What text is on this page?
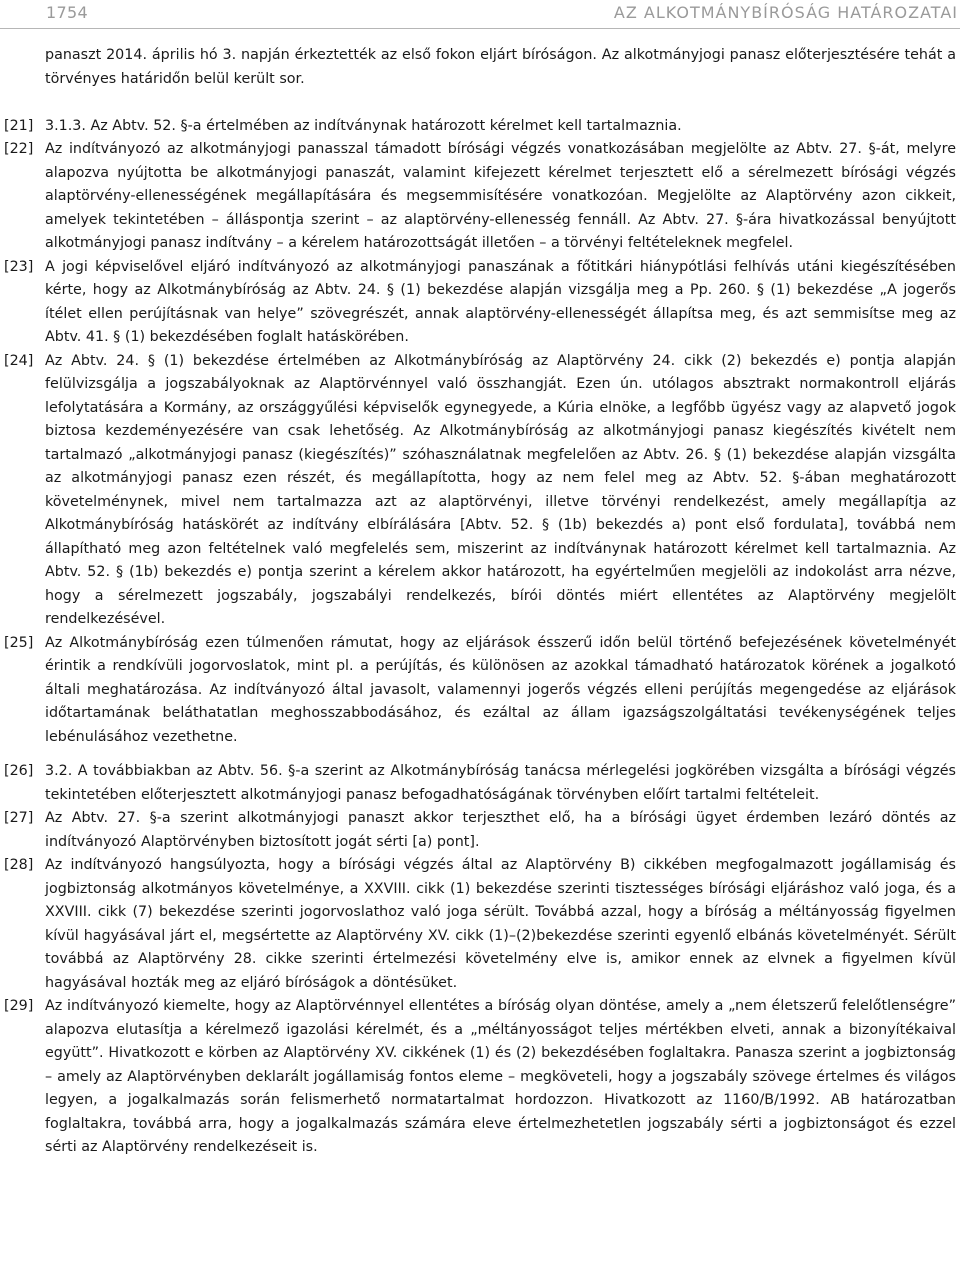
1754	AZ ALKOTMÁNYBÍRÓSÁG HATÁROZATAI

panaszt 2014. április hó 3. napján érkeztették az első fokon eljárt bíróságon. Az alkotmányjogi panasz előterjesztésére tehát a törvényes határidőn belül került sor.

[21] 3.1.3. Az Abtv. 52. §-a értelmében az indítványnak határozott kérelmet kell tartalmaznia.

[22] Az indítványozó az alkotmányjogi panasszal támadott bírósági végzés vonatkozásában megjelölte az Abtv. 27. §-át, melyre alapozva nyújtotta be alkotmányjogi panaszát, valamint kifejezett kérelmet terjesztett elő a sérelmezett bírósági végzés alaptörvény-ellenességének megállapítására és megsemmisítésére vonatkozóan. Megjelölte az Alaptörvény azon cikkeit, amelyek tekintetében – álláspontja szerint – az alaptörvény-ellenesség fennáll. Az Abtv. 27. §-ára hivatkozással benyújtott alkotmányjogi panasz indítvány – a kérelem határozottságát illetően – a törvényi feltételeknek megfelel.

[23] A jogi képviselővel eljáró indítványozó az alkotmányjogi panaszának a főtitkári hiánypótlási felhívás utáni kiegészítésében kérte, hogy az Alkotmánybíróság az Abtv. 24. § (1) bekezdése alapján vizsgálja meg a Pp. 260. § (1) bekezdése „A jogerős ítélet ellen perújításnak van helye” szövegrészét, annak alaptörvény-ellenességét állapítsa meg, és azt semmisítse meg az Abtv. 41. § (1) bekezdésében foglalt hatáskörében.

[24] Az Abtv. 24. § (1) bekezdése értelmében az Alkotmánybíróság az Alaptörvény 24. cikk (2) bekezdés e) pontja alapján felülvizsgálja a jogszabályoknak az Alaptörvénnyel való összhangját. Ezen ún. utólagos absztrakt normakontroll eljárás lefolytatására a Kormány, az országgyűlési képviselők egynegyede, a Kúria elnöke, a legfőbb ügyész vagy az alapvető jogok biztosa kezdeményezésére van csak lehetőség. Az Alkotmánybíróság az alkotmányjogi panasz kiegészítés kivételt nem tartalmazó „alkotmányjogi panasz (kiegészítés)” szóhasználatnak megfelelően az Abtv. 26. § (1) bekezdése alapján vizsgálta az alkotmányjogi panasz ezen részét, és megállapította, hogy az nem felel meg az Abtv. 52. §-ában meghatározott követelménynek, mivel nem tartalmazza azt az alaptörvényi, illetve törvényi rendelkezést, amely megállapítja az Alkotmánybíróság hatáskörét az indítvány elbírálására [Abtv. 52. § (1b) bekezdés a) pont első fordulata], továbbá nem állapítható meg azon feltételnek való megfelelés sem, miszerint az indítványnak határozott kérelmet kell tartalmaznia. Az Abtv. 52. § (1b) bekezdés e) pontja szerint a kérelem akkor határozott, ha egyértelműen megjelöli az indokolást arra nézve, hogy a sérelmezett jogszabály, jogszabályi rendelkezés, bírói döntés miért ellentétes az Alaptörvény megjelölt rendelkezésével.

[25] Az Alkotmánybíróság ezen túlmenően rámutat, hogy az eljárások ésszerű időn belül történő befejezésének követelményét érintik a rendkívüli jogorvoslatok, mint pl. a perújítás, és különösen az azokkal támadható határozatok körének a jogalkotó általi meghatározása. Az indítványozó által javasolt, valamennyi jogerős végzés elleni perújítás megengedése az eljárások időtartamának beláthatatlan meghosszabbodásához, és ezáltal az állam igazságszolgáltatási tevékenységének teljes lebénulásához vezethetne.

[26] 3.2. A továbbiakban az Abtv. 56. §-a szerint az Alkotmánybíróság tanácsa mérlegelési jogkörében vizsgálta a bírósági végzés tekintetében előterjesztett alkotmányjogi panasz befogadhatóságának törvényben előírt tartalmi feltételeit.

[27] Az Abtv. 27. §-a szerint alkotmányjogi panaszt akkor terjeszthet elő, ha a bírósági ügyet érdemben lezáró döntés az indítványozó Alaptörvényben biztosított jogát sérti [a) pont].

[28] Az indítványozó hangsúlyozta, hogy a bírósági végzés által az Alaptörvény B) cikkében megfogalmazott jogállamiság és jogbiztonság alkotmányos követelménye, a XXVIII. cikk (1) bekezdése szerinti tisztességes bírósági eljáráshoz való joga, és a XXVIII. cikk (7) bekezdése szerinti jogorvoslathoz való joga sérült. Továbbá azzal, hogy a bíróság a méltányosság figyelmen kívül hagyásával járt el, megsértette az Alaptörvény XV. cikk (1)–(2)bekezdése szerinti egyenlő elbánás követelményét. Sérült továbbá az Alaptörvény 28. cikke szerinti értelmezési követelmény elve is, amikor ennek az elvnek a figyelmen kívül hagyásával hozták meg az eljáró bíróságok a döntésüket.

[29] Az indítványozó kiemelte, hogy az Alaptörvénnyel ellentétes a bíróság olyan döntése, amely a „nem életszerű felelőtlenségre” alapozva elutasítja a kérelmező igazolási kérelmét, és a „méltányosságot teljes mértékben elveti, annak a bizonyítékaival együtt”. Hivatkozott e körben az Alaptörvény XV. cikkének (1) és (2) bekezdésében foglaltakra. Panasza szerint a jogbiztonság – amely az Alaptörvényben deklarált jogállamiság fontos eleme – megköveteli, hogy a jogszabály szövege értelmes és világos legyen, a jogalkalmazás során felismerhető normatartalmat hordozzon. Hivatkozott az 1160/B/1992. AB határozatban foglaltakra, továbbá arra, hogy a jogalkalmazás számára eleve értelmezhetetlen jogszabály sérti a jogbiztonságot és ezzel sérti az Alaptörvény rendelkezéseit is.
